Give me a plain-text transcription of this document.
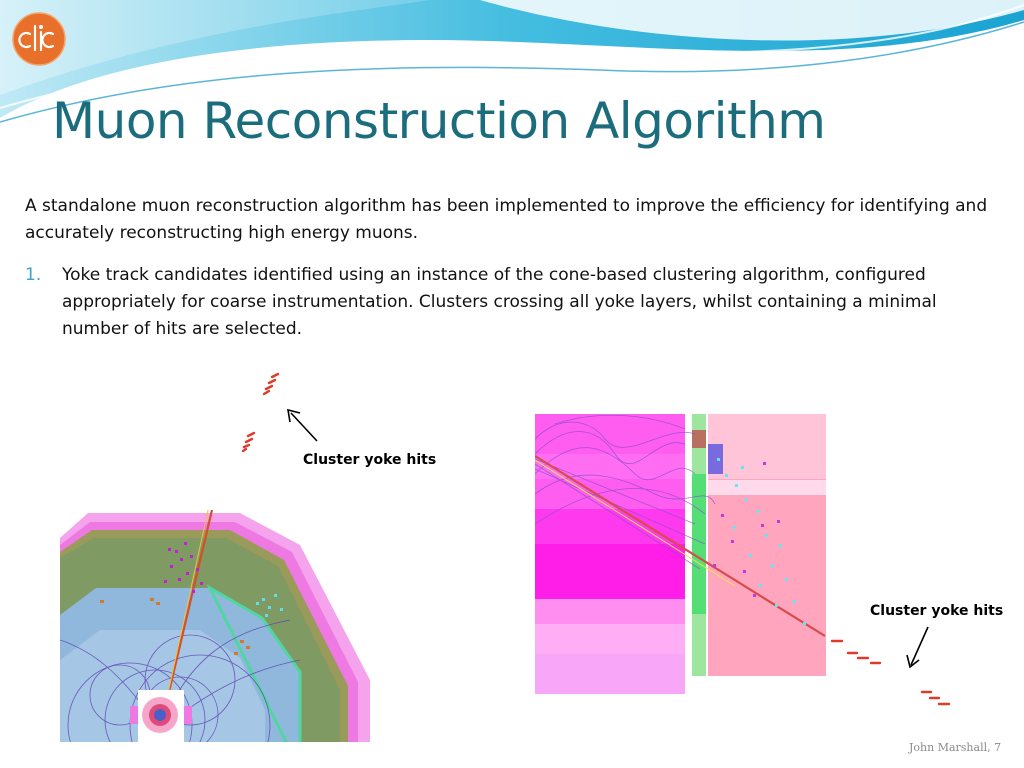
Muon Reconstruction Algorithm

A standalone muon reconstruction algorithm has been implemented to improve the efficiency for identifying and accurately reconstructing high energy muons.

1. Yoke track candidates identified using an instance of the cone-based clustering algorithm, configured appropriately for coarse instrumentation. Clusters crossing all yoke layers, whilst containing a minimal number of hits are selected.

Cluster yoke hits
Cluster yoke hits
John Marshall, 7
